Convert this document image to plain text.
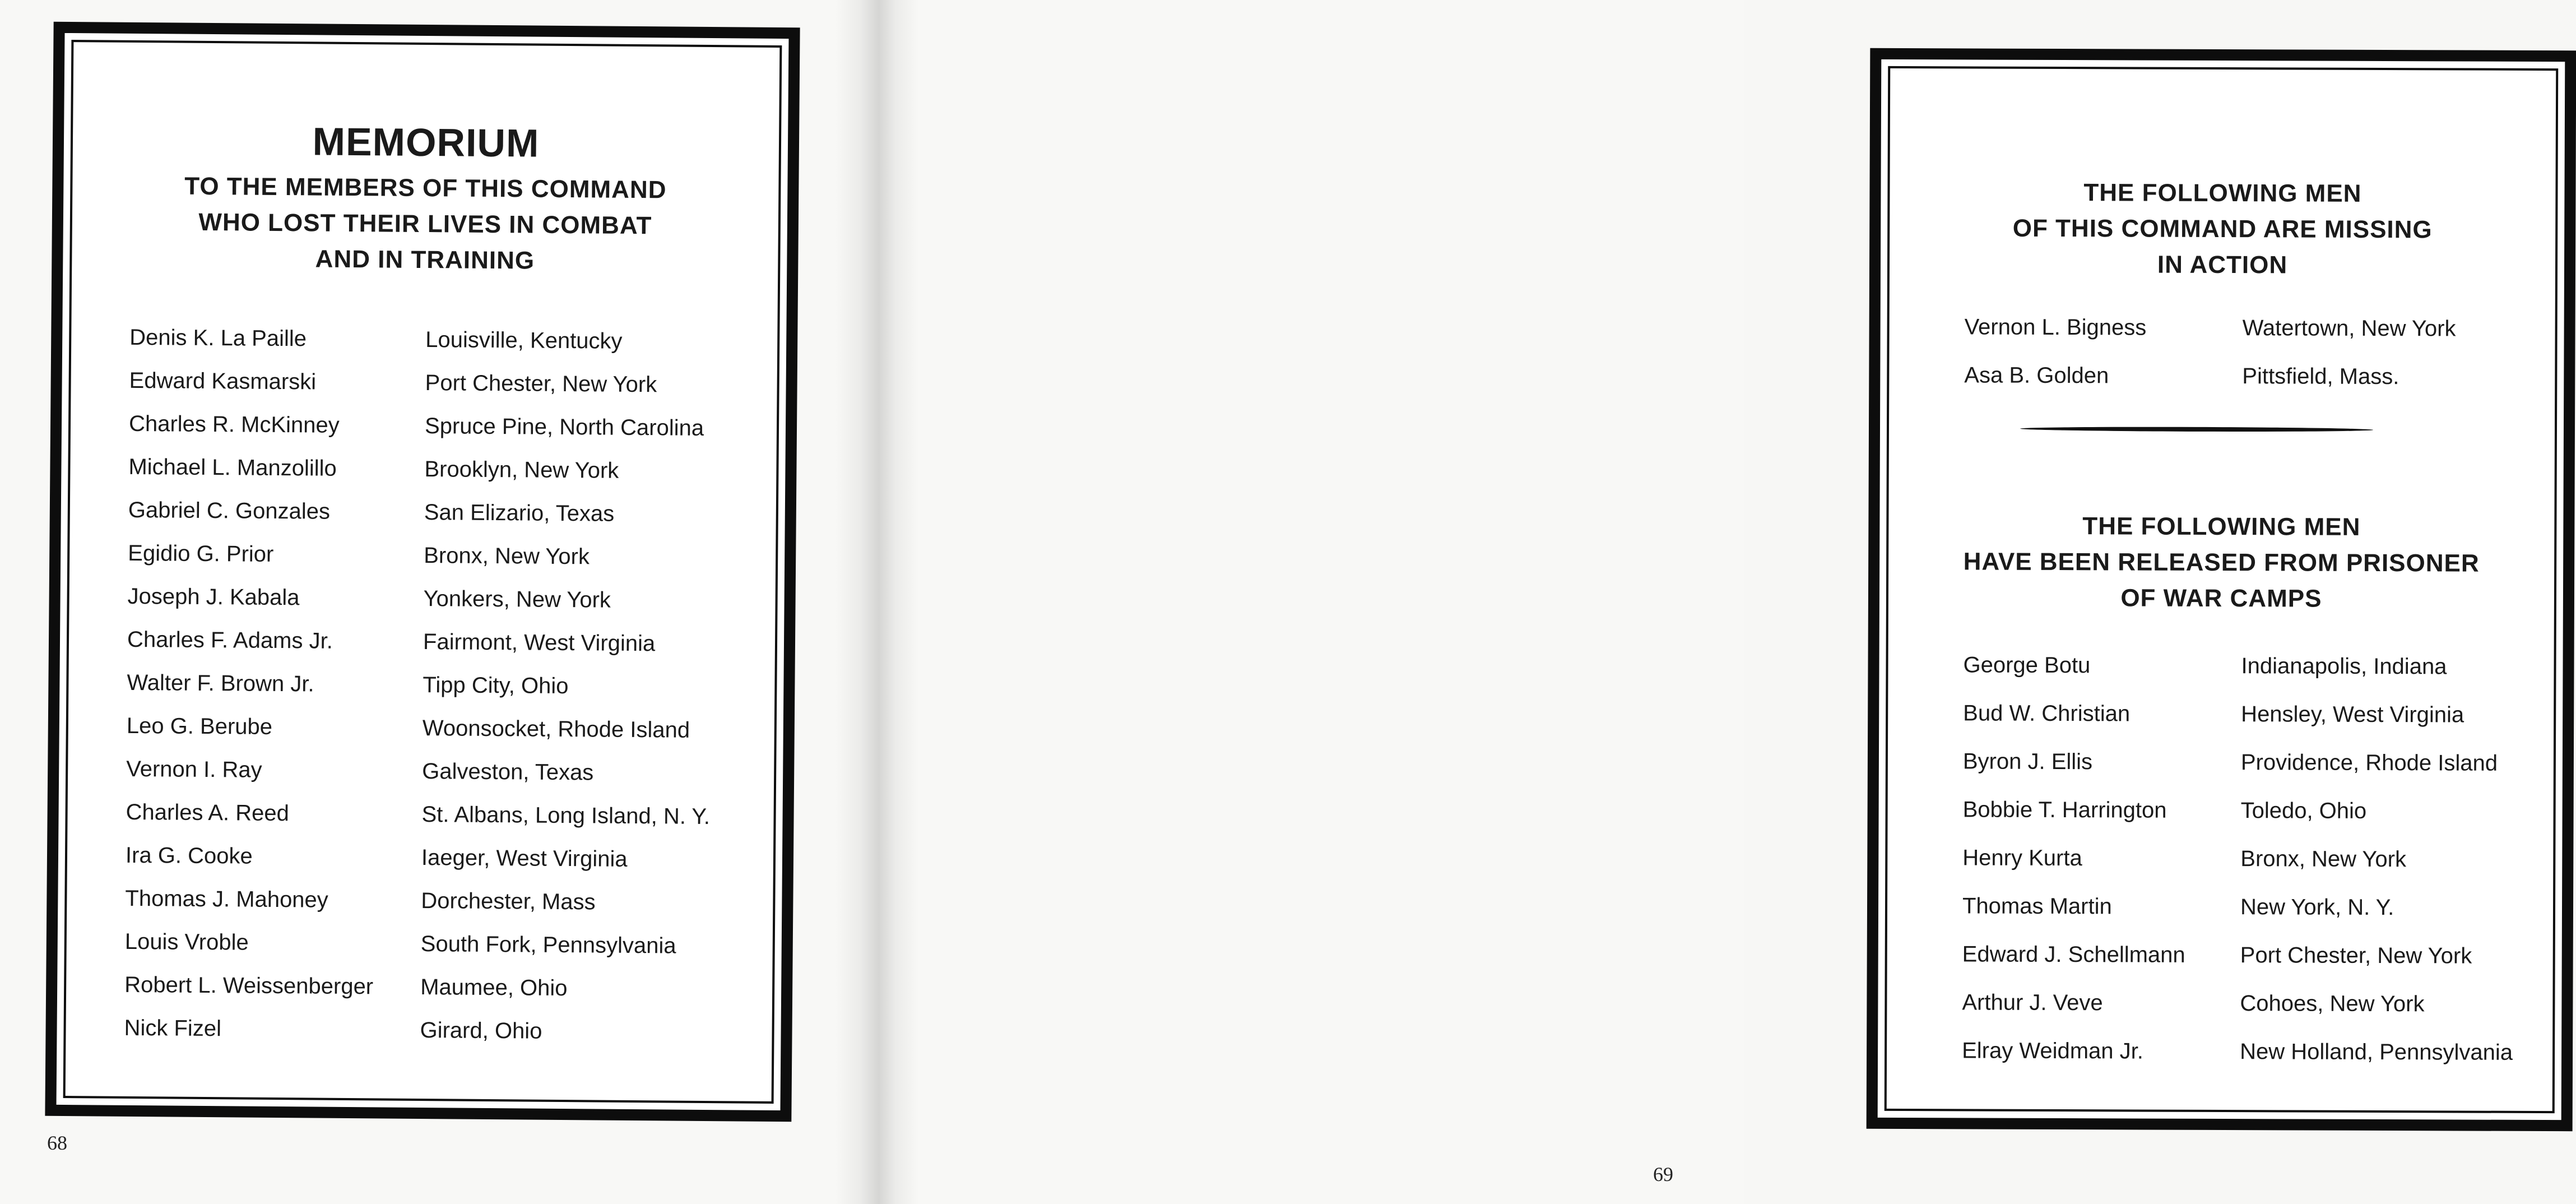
MEMORIUM
TO THE MEMBERS OF THIS COMMAND
WHO LOST THEIR LIVES IN COMBAT
AND IN TRAINING
Denis K. La Paille	Louisville, Kentucky
Edward Kasmarski	Port Chester, New York
Charles R. McKinney	Spruce Pine, North Carolina
Michael L. Manzolillo	Brooklyn, New York
Gabriel C. Gonzales	San Elizario, Texas
Egidio G. Prior	Bronx, New York
Joseph J. Kabala	Yonkers, New York
Charles F. Adams Jr.	Fairmont, West Virginia
Walter F. Brown Jr.	Tipp City, Ohio
Leo G. Berube	Woonsocket, Rhode Island
Vernon I. Ray	Galveston, Texas
Charles A. Reed	St. Albans, Long Island, N. Y.
Ira G. Cooke	Iaeger, West Virginia
Thomas J. Mahoney	Dorchester, Mass
Louis Vroble	South Fork, Pennsylvania
Robert L. Weissenberger Maumee, Ohio
Nick Fizel	Girard, Ohio
68
THE FOLLOWING MEN
OF THIS COMMAND ARE MISSING
IN ACTION
Vernon L. Bigness	Watertown, New York
Asa B. Golden	Pittsfield, Mass.
THE FOLLOWING MEN
HAVE BEEN RELEASED FROM PRISONER
OF WAR CAMPS
George Botu	Indianapolis, Indiana
Bud W. Christian	Hensley, West Virginia
Byron J. Ellis	Providence, Rhode Island
Bobbie T. Harrington	Toledo, Ohio
Henry Kurta	Bronx, New York
Thomas Martin	New York, N. Y.
Edward J. Schellmann Port Chester, New York
Arthur J. Veve	Cohoes, New York
Elray Weidman Jr.	New Holland, Pennsylvania
69
